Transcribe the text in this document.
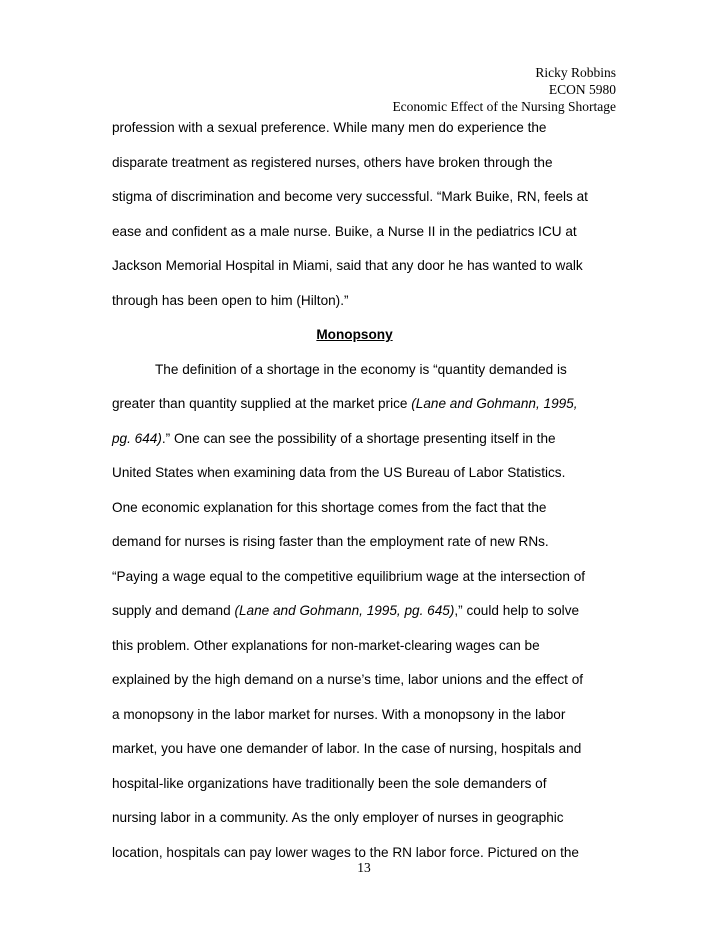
Ricky Robbins
ECON 5980
Economic Effect of the Nursing Shortage
profession with a sexual preference. While many men do experience the
disparate treatment as registered nurses, others have broken through the
stigma of discrimination and become very successful. “Mark Buike, RN, feels at
ease and confident as a male nurse. Buike, a Nurse II in the pediatrics ICU at
Jackson Memorial Hospital in Miami, said that any door he has wanted to walk
through has been open to him (Hilton).”
Monopsony
The definition of a shortage in the economy is “quantity demanded is
greater than quantity supplied at the market price (Lane and Gohmann, 1995,
pg. 644).” One can see the possibility of a shortage presenting itself in the
United States when examining data from the US Bureau of Labor Statistics.
One economic explanation for this shortage comes from the fact that the
demand for nurses is rising faster than the employment rate of new RNs.
“Paying a wage equal to the competitive equilibrium wage at the intersection of
supply and demand (Lane and Gohmann, 1995, pg. 645),” could help to solve
this problem. Other explanations for non-market-clearing wages can be
explained by the high demand on a nurse’s time, labor unions and the effect of
a monopsony in the labor market for nurses. With a monopsony in the labor
market, you have one demander of labor. In the case of nursing, hospitals and
hospital-like organizations have traditionally been the sole demanders of
nursing labor in a community. As the only employer of nurses in geographic
location, hospitals can pay lower wages to the RN labor force. Pictured on the
13
